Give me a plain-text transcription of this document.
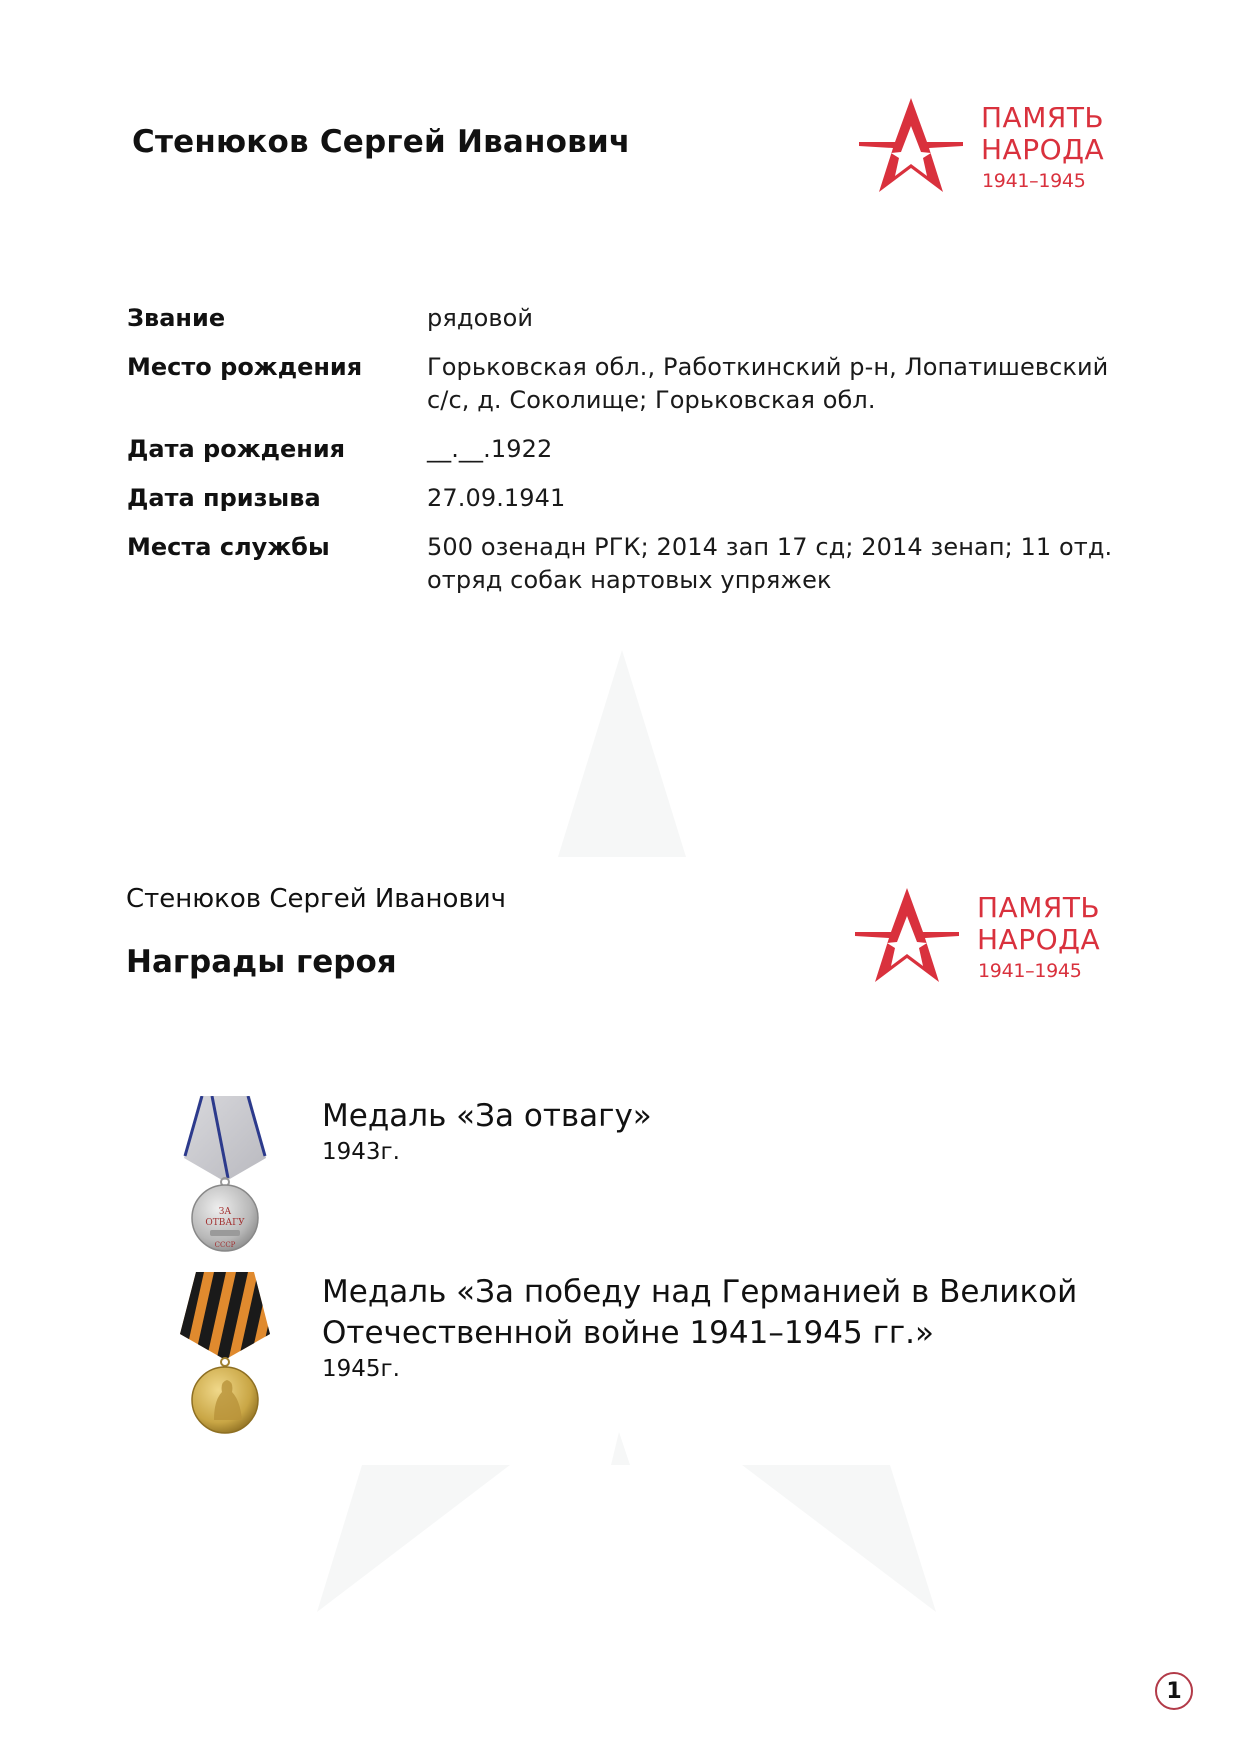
Стенюков Сергей Иванович
ПАМЯТЬ
НАРОДА
1941–1945
Звание	рядовой
Место рождения	Горьковская обл., Работкинский р-н, Лопатишевский с/с, д. Соколище; Горьковская обл.
Дата рождения	__.__.1922
Дата призыва	27.09.1941
Места службы	500 озенадн РГК; 2014 зап 17 сд; 2014 зенап; 11 отд. отряд собак нартовых упряжек
Стенюков Сергей Иванович
Награды героя
ПАМЯТЬ
НАРОДА
1941–1945
ЗА
ОТВАГУ
СССР
Медаль «За отвагу»
1943г.
Медаль «За победу над Германией в Великой Отечественной войне 1941–1945 гг.»
1945г.
1
